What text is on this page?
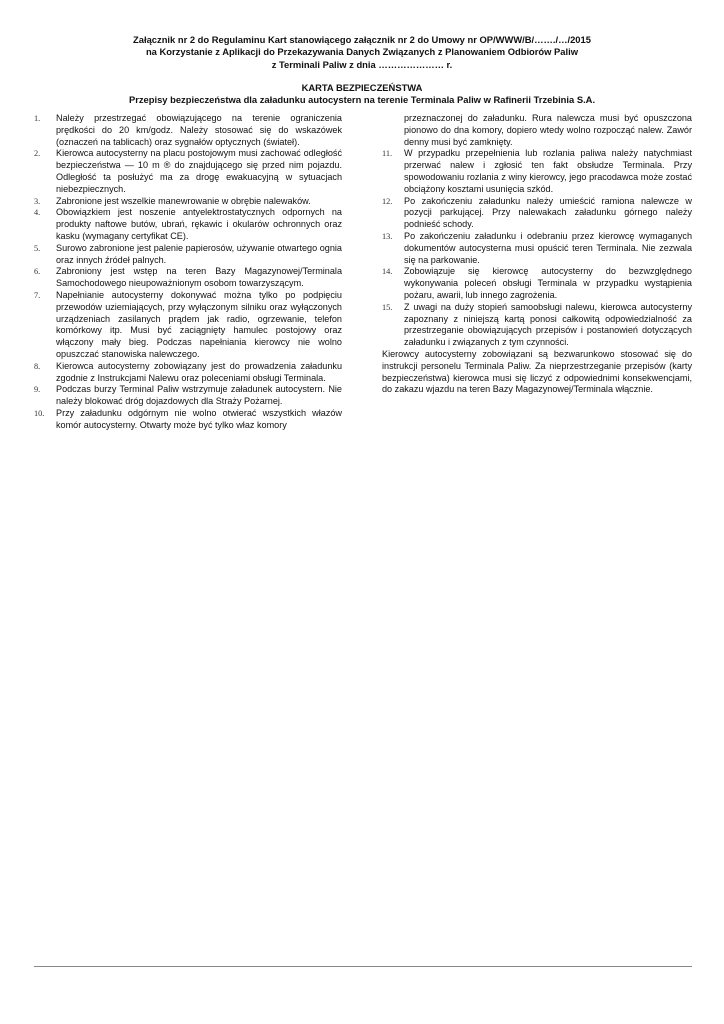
Załącznik nr 2 do Regulaminu Kart stanowiącego załącznik nr 2 do Umowy nr OP/WWW/B/……./…/2015
na Korzystanie z Aplikacji do Przekazywania Danych Związanych z Planowaniem Odbiorów Paliw
z Terminali Paliw z dnia ………………… r.
KARTA BEZPIECZEŃSTWA
Przepisy bezpieczeństwa dla załadunku autocystern na terenie Terminala Paliw w Rafinerii Trzebinia S.A.
1.	Należy przestrzegać obowiązującego na terenie ograniczenia prędkości do 20 km/godz. Należy stosować się do wskazówek (oznaczeń na tablicach) oraz sygnałów optycznych (świateł).
2.	Kierowca autocysterny na placu postojowym musi zachować odległość bezpieczeństwa — 10 m ® do znajdującego się przed nim pojazdu. Odległość ta posłużyć ma za drogę ewakuacyjną w sytuacjach niebezpiecznych.
3.	Zabronione jest wszelkie manewrowanie w obrębie nalewaków.
4.	Obowiązkiem jest noszenie antyelektrostatycznych odpornych na produkty naftowe butów, ubrań, rękawic i okularów ochronnych oraz kasku (wymagany certyfikat CE).
5.	Surowo zabronione jest palenie papierosów, używanie otwartego ognia oraz innych źródeł palnych.
6.	Zabroniony jest wstęp na teren Bazy Magazynowej/Terminala Samochodowego nieupoważnionym osobom towarzyszącym.
7.	Napełnianie autocysterny dokonywać można tylko po podpięciu przewodów uziemiających, przy wyłączonym silniku oraz wyłączonych urządzeniach zasilanych prądem jak radio, ogrzewanie, telefon komórkowy itp. Musi być zaciągnięty hamulec postojowy oraz włączony mały bieg. Podczas napełniania kierowcy nie wolno opuszczać stanowiska nalewczego.
8.	Kierowca autocysterny zobowiązany jest do prowadzenia załadunku zgodnie z Instrukcjami Nalewu oraz poleceniami obsługi Terminala.
9.	Podczas burzy Terminal Paliw wstrzymuje załadunek autocystern. Nie należy blokować dróg dojazdowych dla Straży Pożarnej.
10.	Przy załadunku odgórnym nie wolno otwierać wszystkich włazów komór autocysterny. Otwarty może być tylko właz komory
przeznaczonej do załadunku. Rura nalewcza musi być opuszczona pionowo do dna komory, dopiero wtedy wolno rozpocząć nalew. Zawór denny musi być zamknięty.
11.	W przypadku przepełnienia lub rozlania paliwa należy natychmiast przerwać nalew i zgłosić ten fakt obsłudze Terminala. Przy spowodowaniu rozlania z winy kierowcy, jego pracodawca może zostać obciążony kosztami usunięcia szkód.
12.	Po zakończeniu załadunku należy umieścić ramiona nalewcze w pozycji parkującej. Przy nalewakach załadunku górnego należy podnieść schody.
13.	Po zakończeniu załadunku i odebraniu przez kierowcę wymaganych dokumentów autocysterna musi opuścić teren Terminala. Nie zezwala się na parkowanie.
14.	Zobowiązuje się kierowcę autocysterny do bezwzględnego wykonywania poleceń obsługi Terminala w przypadku wystąpienia pożaru, awarii, lub innego zagrożenia.
15.	Z uwagi na duży stopień samoobsługi nalewu, kierowca autocysterny zapoznany z niniejszą kartą ponosi całkowitą odpowiedzialność za przestrzeganie obowiązujących przepisów i postanowień dotyczących załadunku i związanych z tym czynności.
Kierowcy autocysterny zobowiązani są bezwarunkowo stosować się do instrukcji personelu Terminala Paliw. Za nieprzestrzeganie przepisów (karty bezpieczeństwa) kierowca musi się liczyć z odpowiednimi konsekwencjami, do zakazu wjazdu na teren Bazy Magazynowej/Terminala włącznie.
